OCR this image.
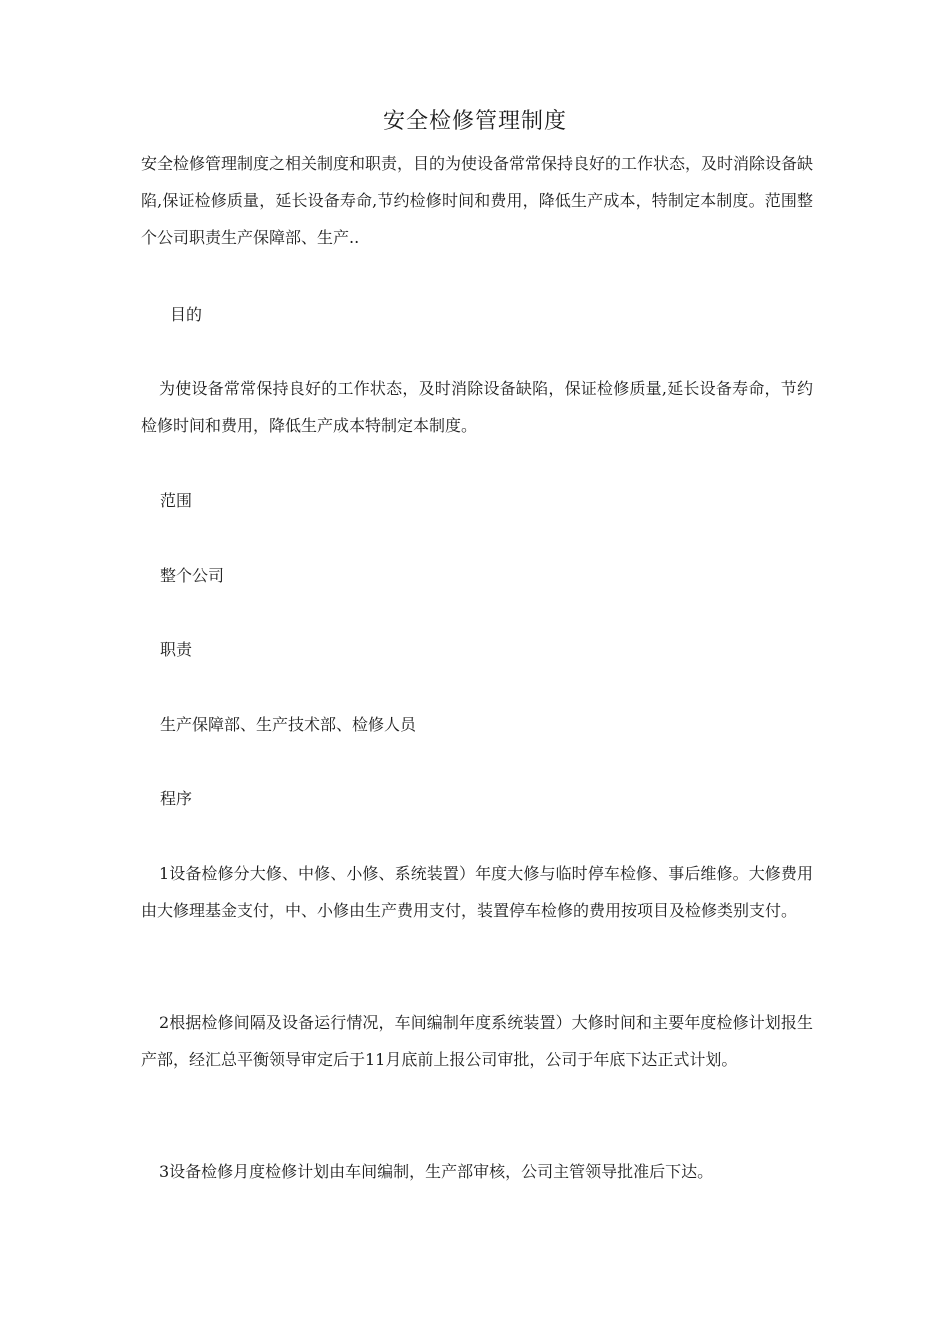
安全检修管理制度
安全检修管理制度之相关制度和职责，目的为使设备常常保持良好的工作状态，及时消除设备缺陷,保证检修质量，延长设备寿命,节约检修时间和费用，降低生产成本，特制定本制度。范围整个公司职责生产保障部、生产..
目的
为使设备常常保持良好的工作状态，及时消除设备缺陷，保证检修质量,延长设备寿命，节约检修时间和费用，降低生产成本特制定本制度。
范围
整个公司
职责
生产保障部、生产技术部、检修人员
程序
1设备检修分大修、中修、小修、系统装置）年度大修与临时停车检修、事后维修。大修费用由大修理基金支付，中、小修由生产费用支付，装置停车检修的费用按项目及检修类别支付。
2根据检修间隔及设备运行情况，车间编制年度系统装置）大修时间和主要年度检修计划报生产部，经汇总平衡领导审定后于11月底前上报公司审批，公司于年底下达正式计划。
3设备检修月度检修计划由车间编制，生产部审核，公司主管领导批准后下达。
